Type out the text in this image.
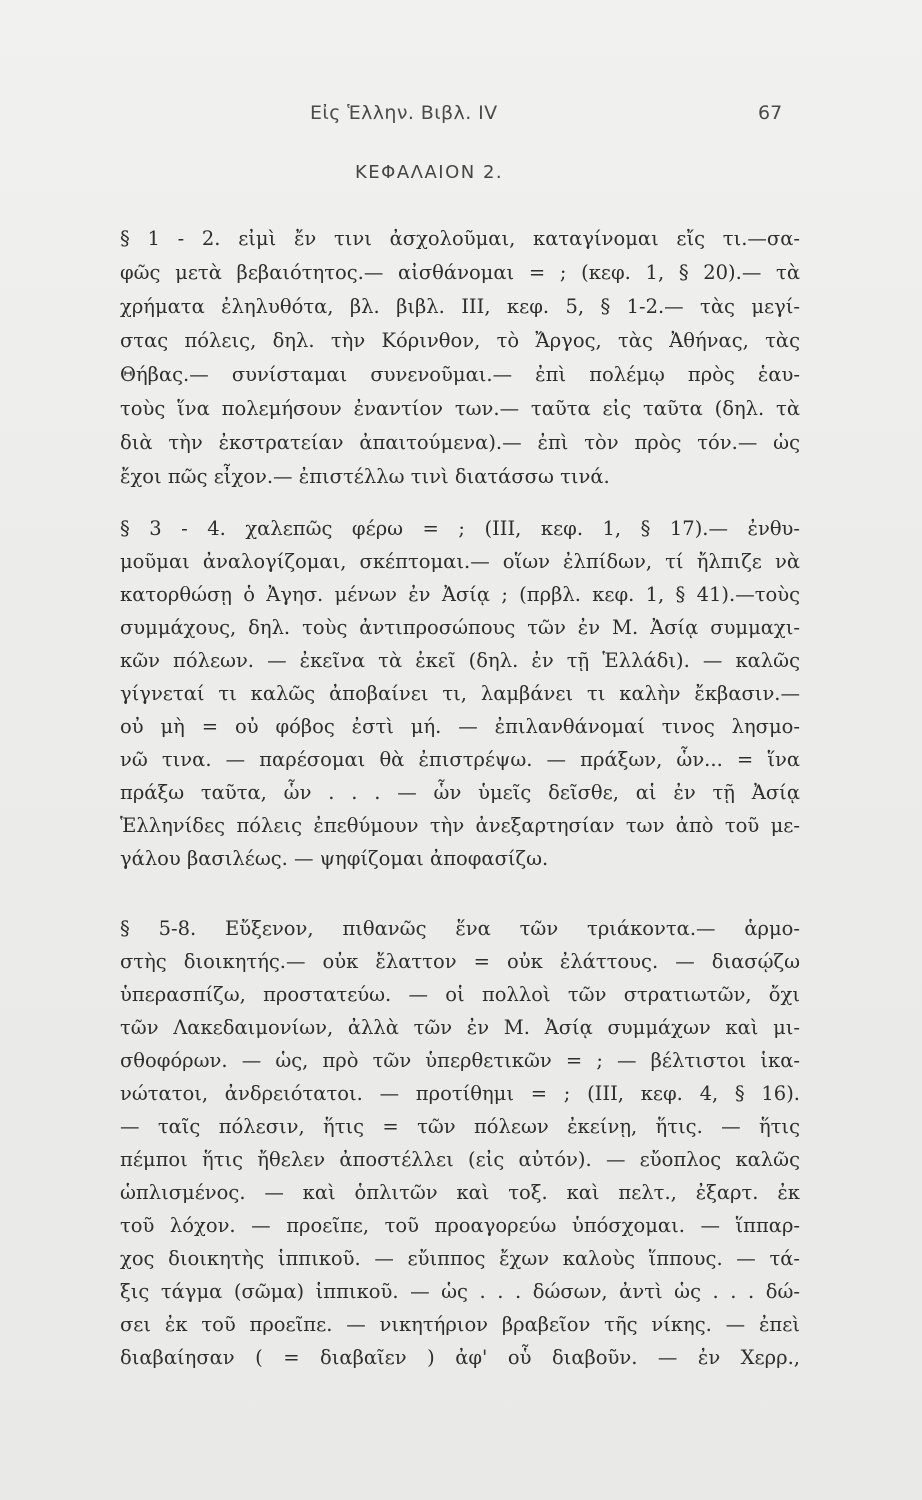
Εἰς Ἑλλην. Βιβλ. IV	67
ΚΕΦΑΛΑΙΟΝ 2.
§ 1 - 2. εἰμὶ ἔν τινι ἀσχολοῦμαι, καταγίνομαι εἴς τι.—σα-
φῶς μετὰ βεβαιότητος.— αἰσθάνομαι = ; (κεφ. 1, § 20).— τὰ
χρήματα ἐληλυθότα, βλ. βιβλ. III, κεφ. 5, § 1-2.— τὰς μεγί-
στας πόλεις, δηλ. τὴν Κόρινθον, τὸ Ἄργος, τὰς Ἀθήνας, τὰς
Θήβας.— συνίσταμαι συνενοῦμαι.— ἐπὶ πολέμῳ πρὸς ἑαυ-
τοὺς ἵνα πολεμήσουν ἐναντίον των.— ταῦτα εἰς ταῦτα (δηλ. τὰ
διὰ τὴν ἐκστρατείαν ἀπαιτούμενα).— ἐπὶ τὸν πρὸς τόν.— ὡς
ἔχοι πῶς εἶχον.— ἐπιστέλλω τινὶ διατάσσω τινά.
§ 3 - 4. χαλεπῶς φέρω = ; (III, κεφ. 1, § 17).— ἐνθυ-
μοῦμαι ἀναλογίζομαι, σκέπτομαι.— οἵων ἐλπίδων, τί ἤλπιζε νὰ
κατορθώσῃ ὁ Ἀγησ. μένων ἐν Ἀσίᾳ ; (πρβλ. κεφ. 1, § 41).—τοὺς
συμμάχους, δηλ. τοὺς ἀντιπροσώπους τῶν ἐν Μ. Ἀσίᾳ συμμαχι-
κῶν πόλεων. — ἐκεῖνα τὰ ἐκεῖ (δηλ. ἐν τῇ Ἑλλάδι). — καλῶς
γίγνεταί τι καλῶς ἀποβαίνει τι, λαμβάνει τι καλὴν ἔκβασιν.—
οὐ μὴ = οὐ φόβος ἐστὶ μή. — ἐπιλανθάνομαί τινος λησμο-
νῶ τινα. — παρέσομαι θὰ ἐπιστρέψω. — πράξων, ὧν... = ἵνα
πράξω ταῦτα, ὧν . . . — ὧν ὑμεῖς δεῖσθε, αἱ ἐν τῇ Ἀσίᾳ
Ἑλληνίδες πόλεις ἐπεθύμουν τὴν ἀνεξαρτησίαν των ἀπὸ τοῦ με-
γάλου βασιλέως. — ψηφίζομαι ἀποφασίζω.
§ 5-8. Εὔξενον, πιθανῶς ἕνα τῶν τριάκοντα.— ἁρμο-
στὴς διοικητής.— οὐκ ἔλαττον = οὐκ ἐλάττους. — διασῴζω
ὑπερασπίζω, προστατεύω. — οἱ πολλοὶ τῶν στρατιωτῶν, ὄχι
τῶν Λακεδαιμονίων, ἀλλὰ τῶν ἐν Μ. Ἀσίᾳ συμμάχων καὶ μι-
σθοφόρων. — ὡς, πρὸ τῶν ὑπερθετικῶν = ; — βέλτιστοι ἱκα-
νώτατοι, ἀνδρειότατοι. — προτίθημι = ; (III, κεφ. 4, § 16).
— ταῖς πόλεσιν, ἥτις = τῶν πόλεων ἐκείνῃ, ἥτις. — ἥτις
πέμποι ἥτις ἤθελεν ἀποστέλλει (εἰς αὐτόν). — εὔοπλος καλῶς
ὡπλισμένος. — καὶ ὁπλιτῶν καὶ τοξ. καὶ πελτ., ἐξαρτ. ἐκ
τοῦ λόχον. — προεῖπε, τοῦ προαγορεύω ὑπόσχομαι. — ἵππαρ-
χος διοικητὴς ἱππικοῦ. — εὔιππος ἔχων καλοὺς ἵππους. — τά-
ξις τάγμα (σῶμα) ἱππικοῦ. — ὡς . . . δώσων, ἀντὶ ὡς . . . δώ-
σει ἐκ τοῦ προεῖπε. — νικητήριον βραβεῖον τῆς νίκης. — ἐπεὶ
διαβαίησαν ( = διαβαῖεν ) ἀφ' οὗ διαβοῦν. — ἐν Χερρ.,
